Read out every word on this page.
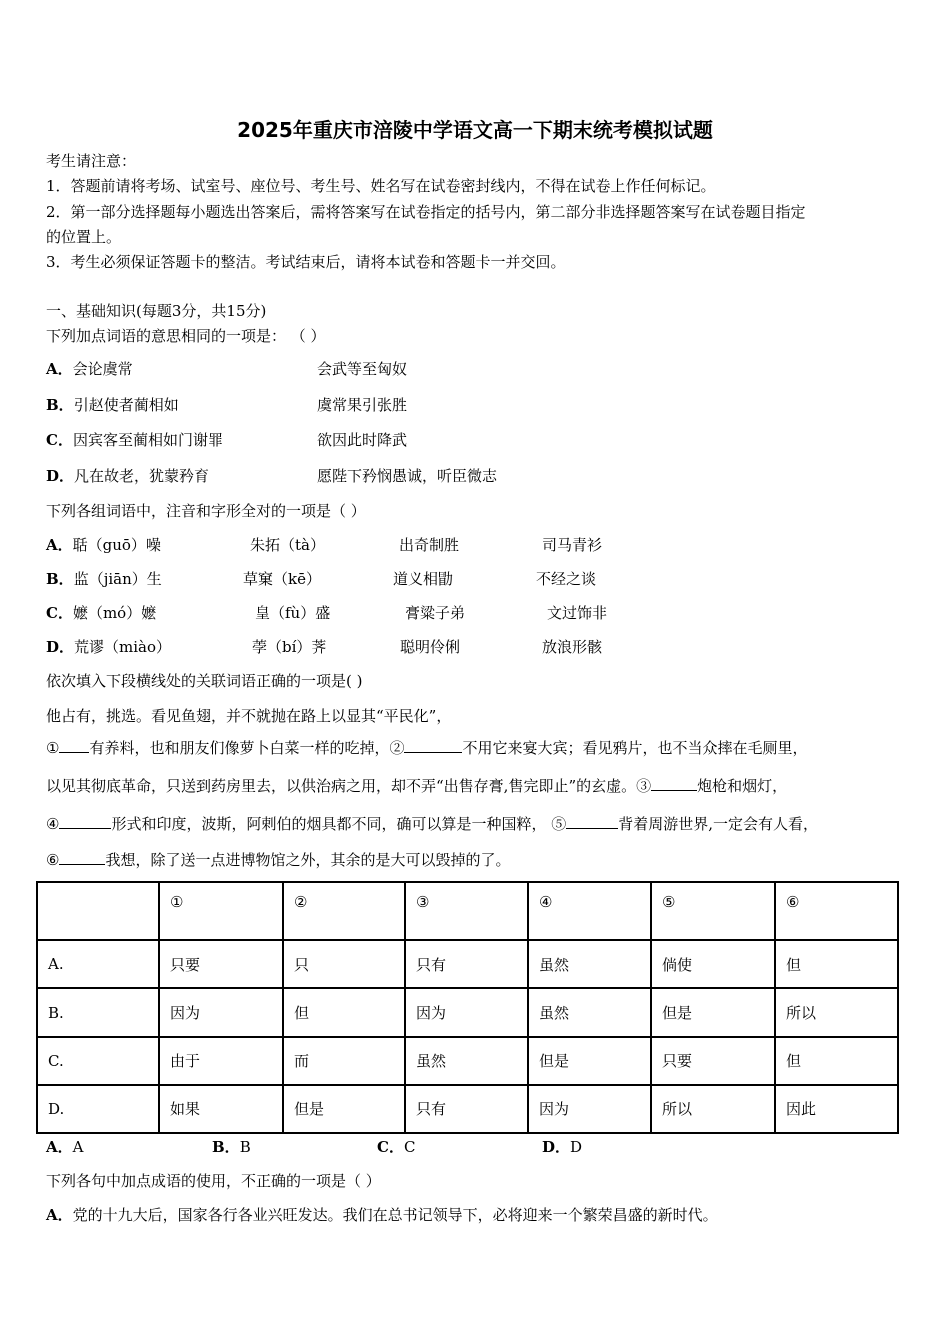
2025年重庆市涪陵中学语文高一下期末统考模拟试题
考生请注意：
1．答题前请将考场、试室号、座位号、考生号、姓名写在试卷密封线内，不得在试卷上作任何标记。
2．第一部分选择题每小题选出答案后，需将答案写在试卷指定的括号内，第二部分非选择题答案写在试卷题目指定
的位置上。
3．考生必须保证答题卡的整洁。考试结束后，请将本试卷和答题卡一并交回。
一、基础知识(每题3分，共15分)
下列加点词语的意思相同的一项是： （ ）
A．会论虞常	会武等至匈奴
B．引赵使者蔺相如	虞常果引张胜
C．因宾客至蔺相如门谢罪	欲因此时降武
D．凡在故老，犹蒙矜育	愿陛下矜悯愚诚，听臣微志
下列各组词语中，注音和字形全对的一项是（ ）
A．聒（guō）噪	朱拓（tà）	出奇制胜	司马青衫
B．监（jiān）生	草窠（kē）	道义相勖	不经之谈
C．嬷（mó）嬷	皇（fù）盛	膏粱子弟	文过饰非
D．荒谬（miào）	荸（bí）荠	聪明伶俐	放浪形骸
依次填入下段横线处的关联词语正确的一项是( )
他占有，挑选。看见鱼翅，并不就抛在路上以显其“平民化”，
① 有养料，也和朋友们像萝卜白菜一样的吃掉，②	不用它来宴大宾；看见鸦片，也不当众摔在毛厕里，
以见其彻底革命，只送到药房里去，以供治病之用，却不弄“出售存膏,售完即止”的玄虚。③	炮枪和烟灯，
④	形式和印度，波斯，阿剌伯的烟具都不同，确可以算是一种国粹， ⑤	背着周游世界,一定会有人看，
⑥	我想，除了送一点进博物馆之外，其余的是大可以毁掉的了。
	①	②	③	④	⑤	⑥
A.	只要	只	只有	虽然	倘使	但
B.	因为	但	因为	虽然	但是	所以
C.	由于	而	虽然	但是	只要	但
D.	如果	但是	只有	因为	所以	因此
A．A	B．B	C．C	D．D
下列各句中加点成语的使用，不正确的一项是（ ）
A．党的十九大后，国家各行各业兴旺发达。我们在总书记领导下，必将迎来一个繁荣昌盛的新时代。
